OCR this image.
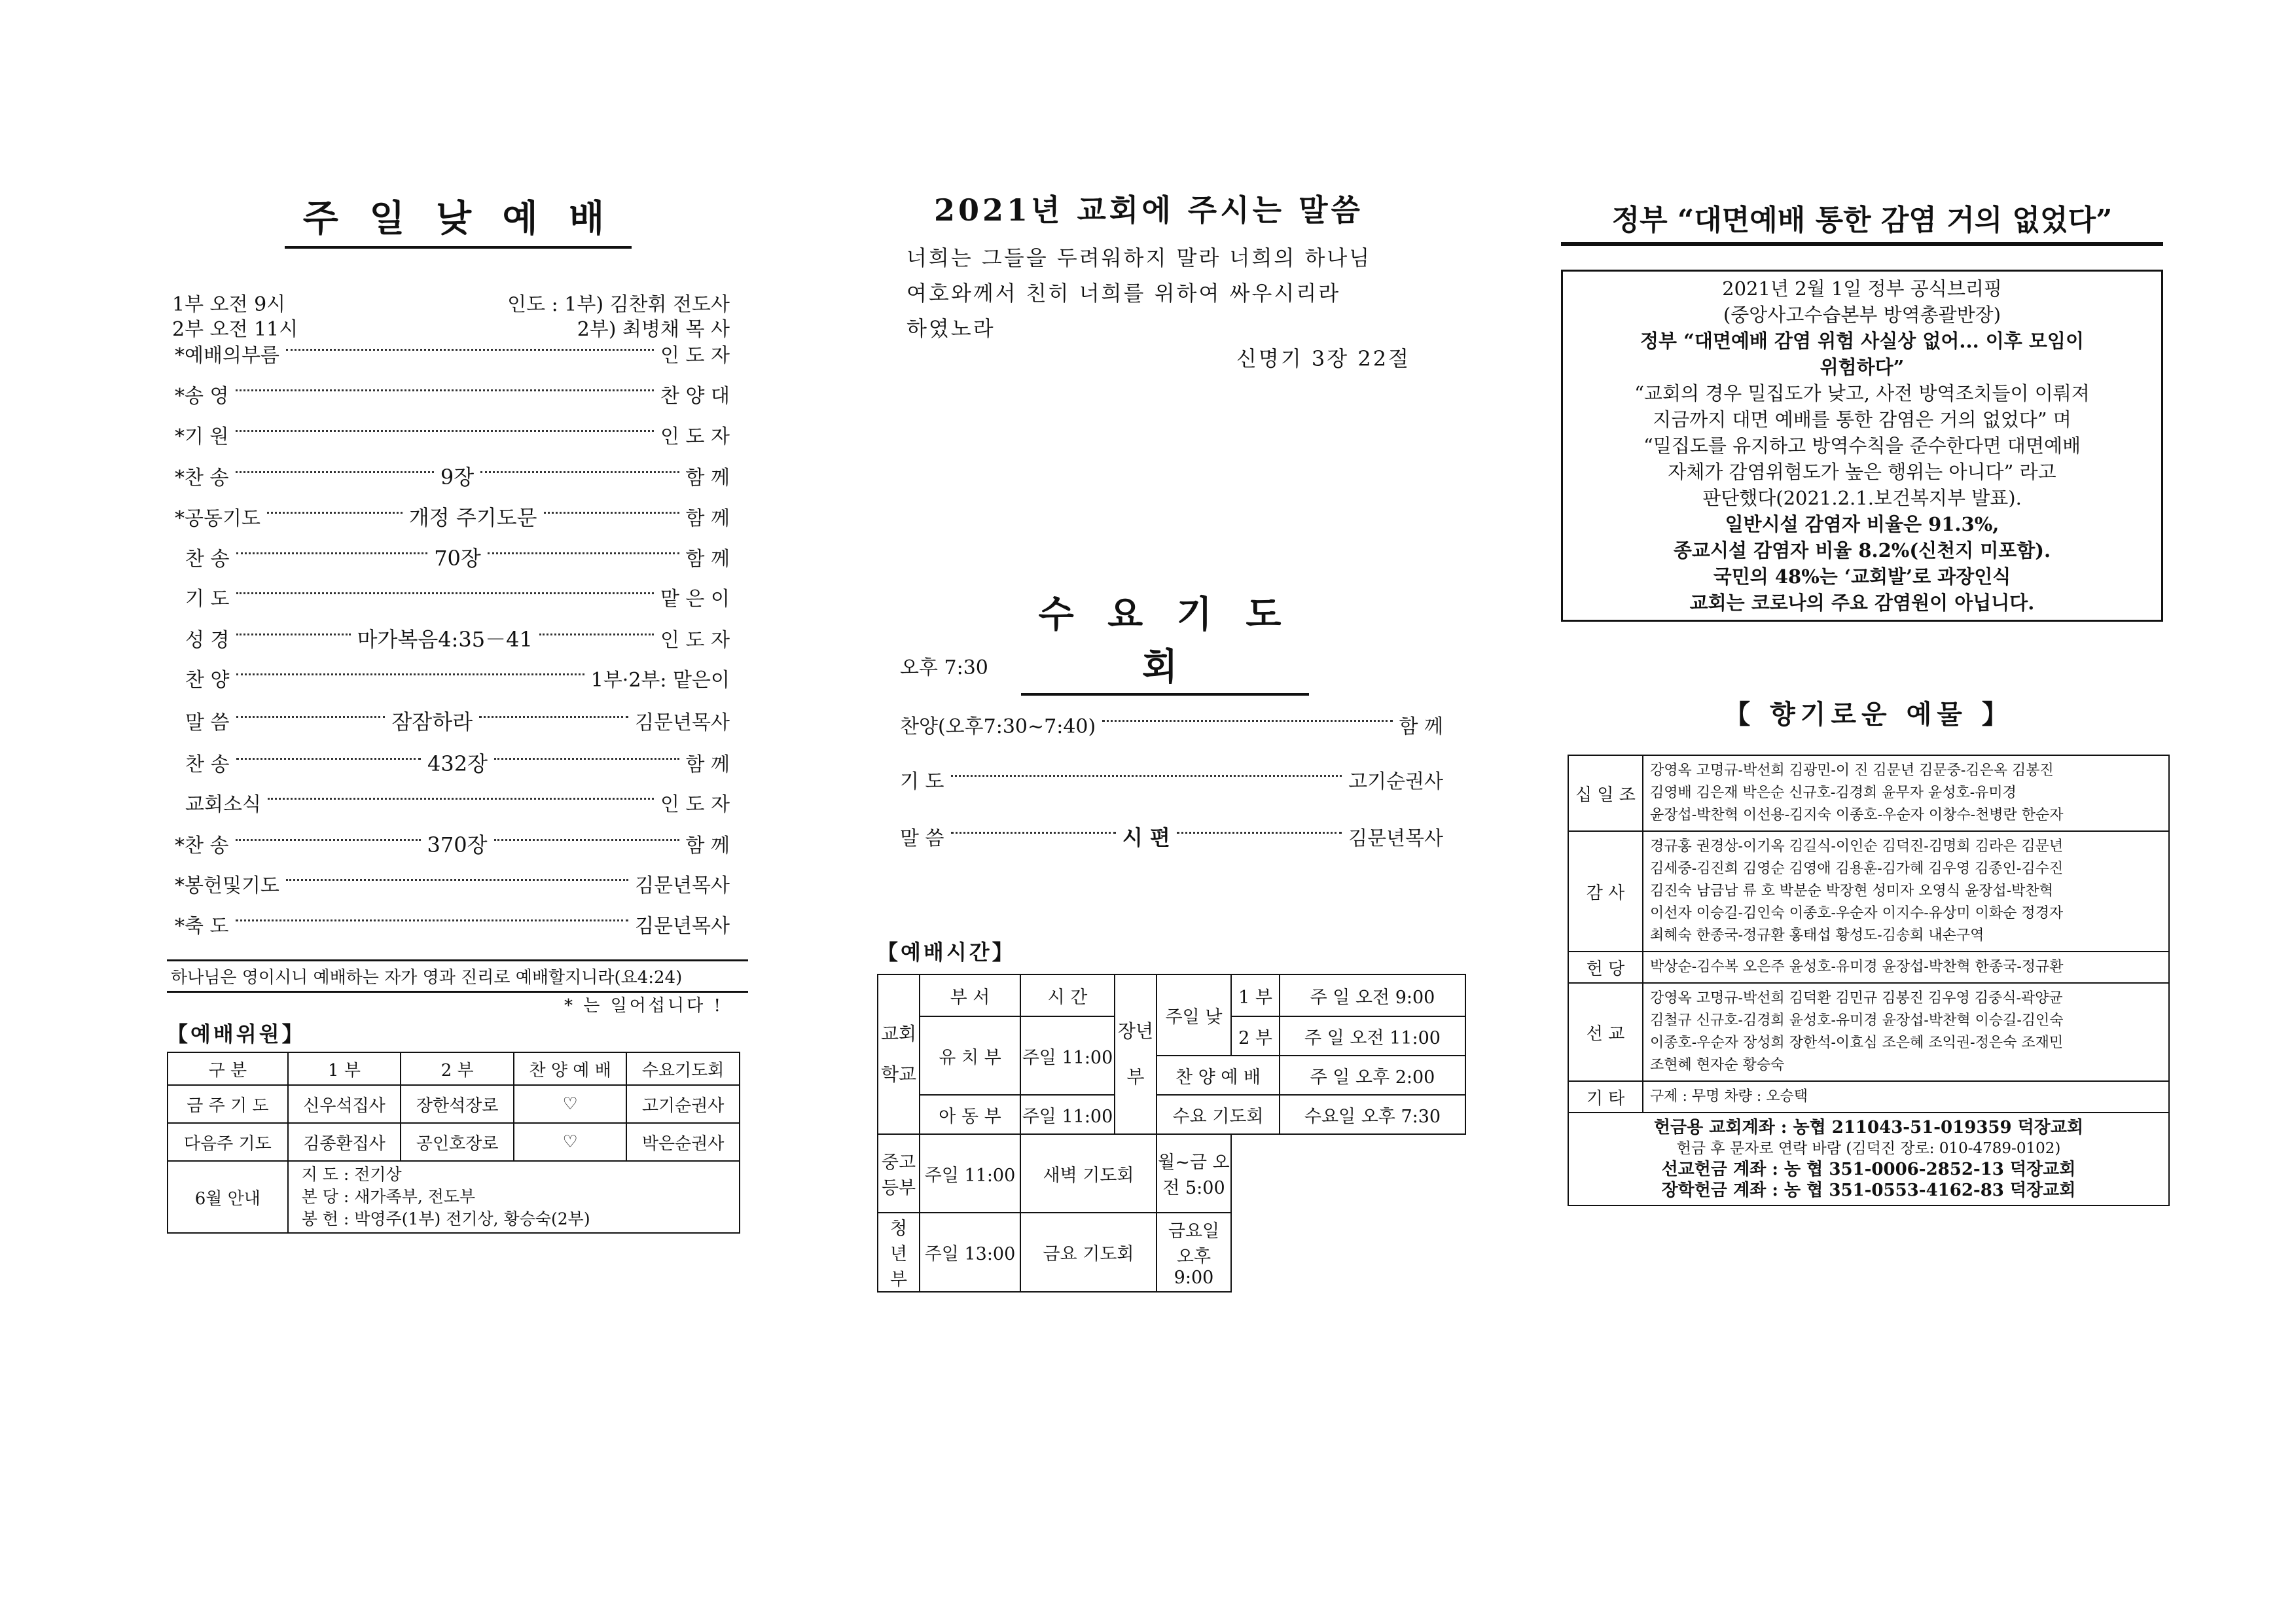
주 일 낮 예 배
1부 오전 9시	인도 : 1부) 김찬휘 전도사
2부 오전 11시	2부) 최병채 목 사
*예배의부름	인 도 자
*송 영	찬 양 대
*기 원	인 도 자
*찬 송	9장	함 께
*공동기도	개정 주기도문	함 께
찬 송	70장	함 께
기 도	맡 은 이
성 경	마가복음4:35－41	인 도 자
찬 양	1부·2부: 맡은이
말 씀	잠잠하라	김문년목사
찬 송	432장	함 께
교회소식	인 도 자
*찬 송	370장	함 께
*봉헌및기도	김문년목사
*축 도	김문년목사
하나님은 영이시니 예배하는 자가 영과 진리로 예배할지니라(요4:24)
* 는 일어섭니다 !
【예배위원】
구 분	1 부	2 부	찬 양 예 배	수요기도회
금 주 기 도	신우석집사	장한석장로	♡	고기순권사
다음주 기도	김종환집사	공인호장로	♡	박은순권사
6월 안내	지 도 : 전기상
본 당 : 새가족부, 전도부
봉 헌 : 박영주(1부) 전기상, 황승숙(2부)			
2021년 교회에 주시는 말씀
너희는 그들을 두려워하지 말라 너희의 하나님
여호와께서 친히 너희를 위하여 싸우시리라
하였노라
신명기 3장 22절
수 요 기 도 회
오후 7:30
찬양(오후7:30~7:40)	함 께
기 도	고기순권사
말 씀	시 편	김문년목사
【예배시간】
교회학교	부 서	시 간	장년부	주일 낮	1 부	주 일 오전 9:00
	유 치 부	주일 11:00			2 부	주 일 오전 11:00
				찬 양 예 배		주 일 오후 2:00
	아 동 부	주일 11:00		수요 기도회		수요일 오후 7:30
중고등부	주일 11:00	새벽 기도회		월~금 오전 5:00		

청 년 부	주일 13:00	금요 기도회		금요일 오후 9:00		

정부 “대면예배 통한 감염 거의 없었다”
2021년 2월 1일 정부 공식브리핑
(중앙사고수습본부 방역총괄반장)
정부 “대면예배 감염 위험 사실상 없어... 이후 모임이
위험하다”
“교회의 경우 밀집도가 낮고, 사전 방역조치들이 이뤄져
지금까지 대면 예배를 통한 감염은 거의 없었다” 며
“밀집도를 유지하고 방역수칙을 준수한다면 대면예배
자체가 감염위험도가 높은 행위는 아니다” 라고
판단했다(2021.2.1.보건복지부 발표).
일반시설 감염자 비율은 91.3%,
종교시설 감염자 비율 8.2%(신천지 미포함).
국민의 48%는 ‘교회발’로 과장인식
교회는 코로나의 주요 감염원이 아닙니다.
【 향기로운 예물 】
십 일 조	강영옥 고명규-박선희 김광민-이 진 김문년 김문중-김은옥 김봉진
김영배 김은재 박은순 신규호-김경희 윤무자 윤성호-유미경
윤장섭-박찬혁 이선용-김지숙 이종호-우순자 이창수-천병란 한순자

감 사	경규홍 권경상-이기옥 김길식-이인순 김덕진-김명희 김라은 김문년
김세중-김진희 김영순 김영애 김용훈-김가혜 김우영 김종인-김수진
김진숙 남금남 류 호 박분순 박장현 성미자 오영식 윤장섭-박찬혁
이선자 이승길-김인숙 이종호-우순자 이지수-유상미 이화순 정경자
최혜숙 한종국-정규환 홍태섭 황성도-김송희 내손구역

헌 당	박상순-김수복 오은주 윤성호-유미경 윤장섭-박찬혁 한종국-정규환

선 교	강영옥 고명규-박선희 김덕환 김민규 김봉진 김우영 김중식-곽양균
김철규 신규호-김경희 윤성호-유미경 윤장섭-박찬혁 이승길-김인숙
이종호-우순자 장성희 장한석-이효심 조은혜 조익권-정은숙 조재민
조현혜 현자순 황승숙

기 타	구제 : 무명 차량 : 오승택

헌금용 교회계좌 : 농협 211043-51-019359 덕장교회
헌금 후 문자로 연락 바람 (김덕진 장로: 010-4789-0102)
선교헌금 계좌 : 농 협 351-0006-2852-13 덕장교회
장학헌금 계좌 : 농 협 351-0553-4162-83 덕장교회	
